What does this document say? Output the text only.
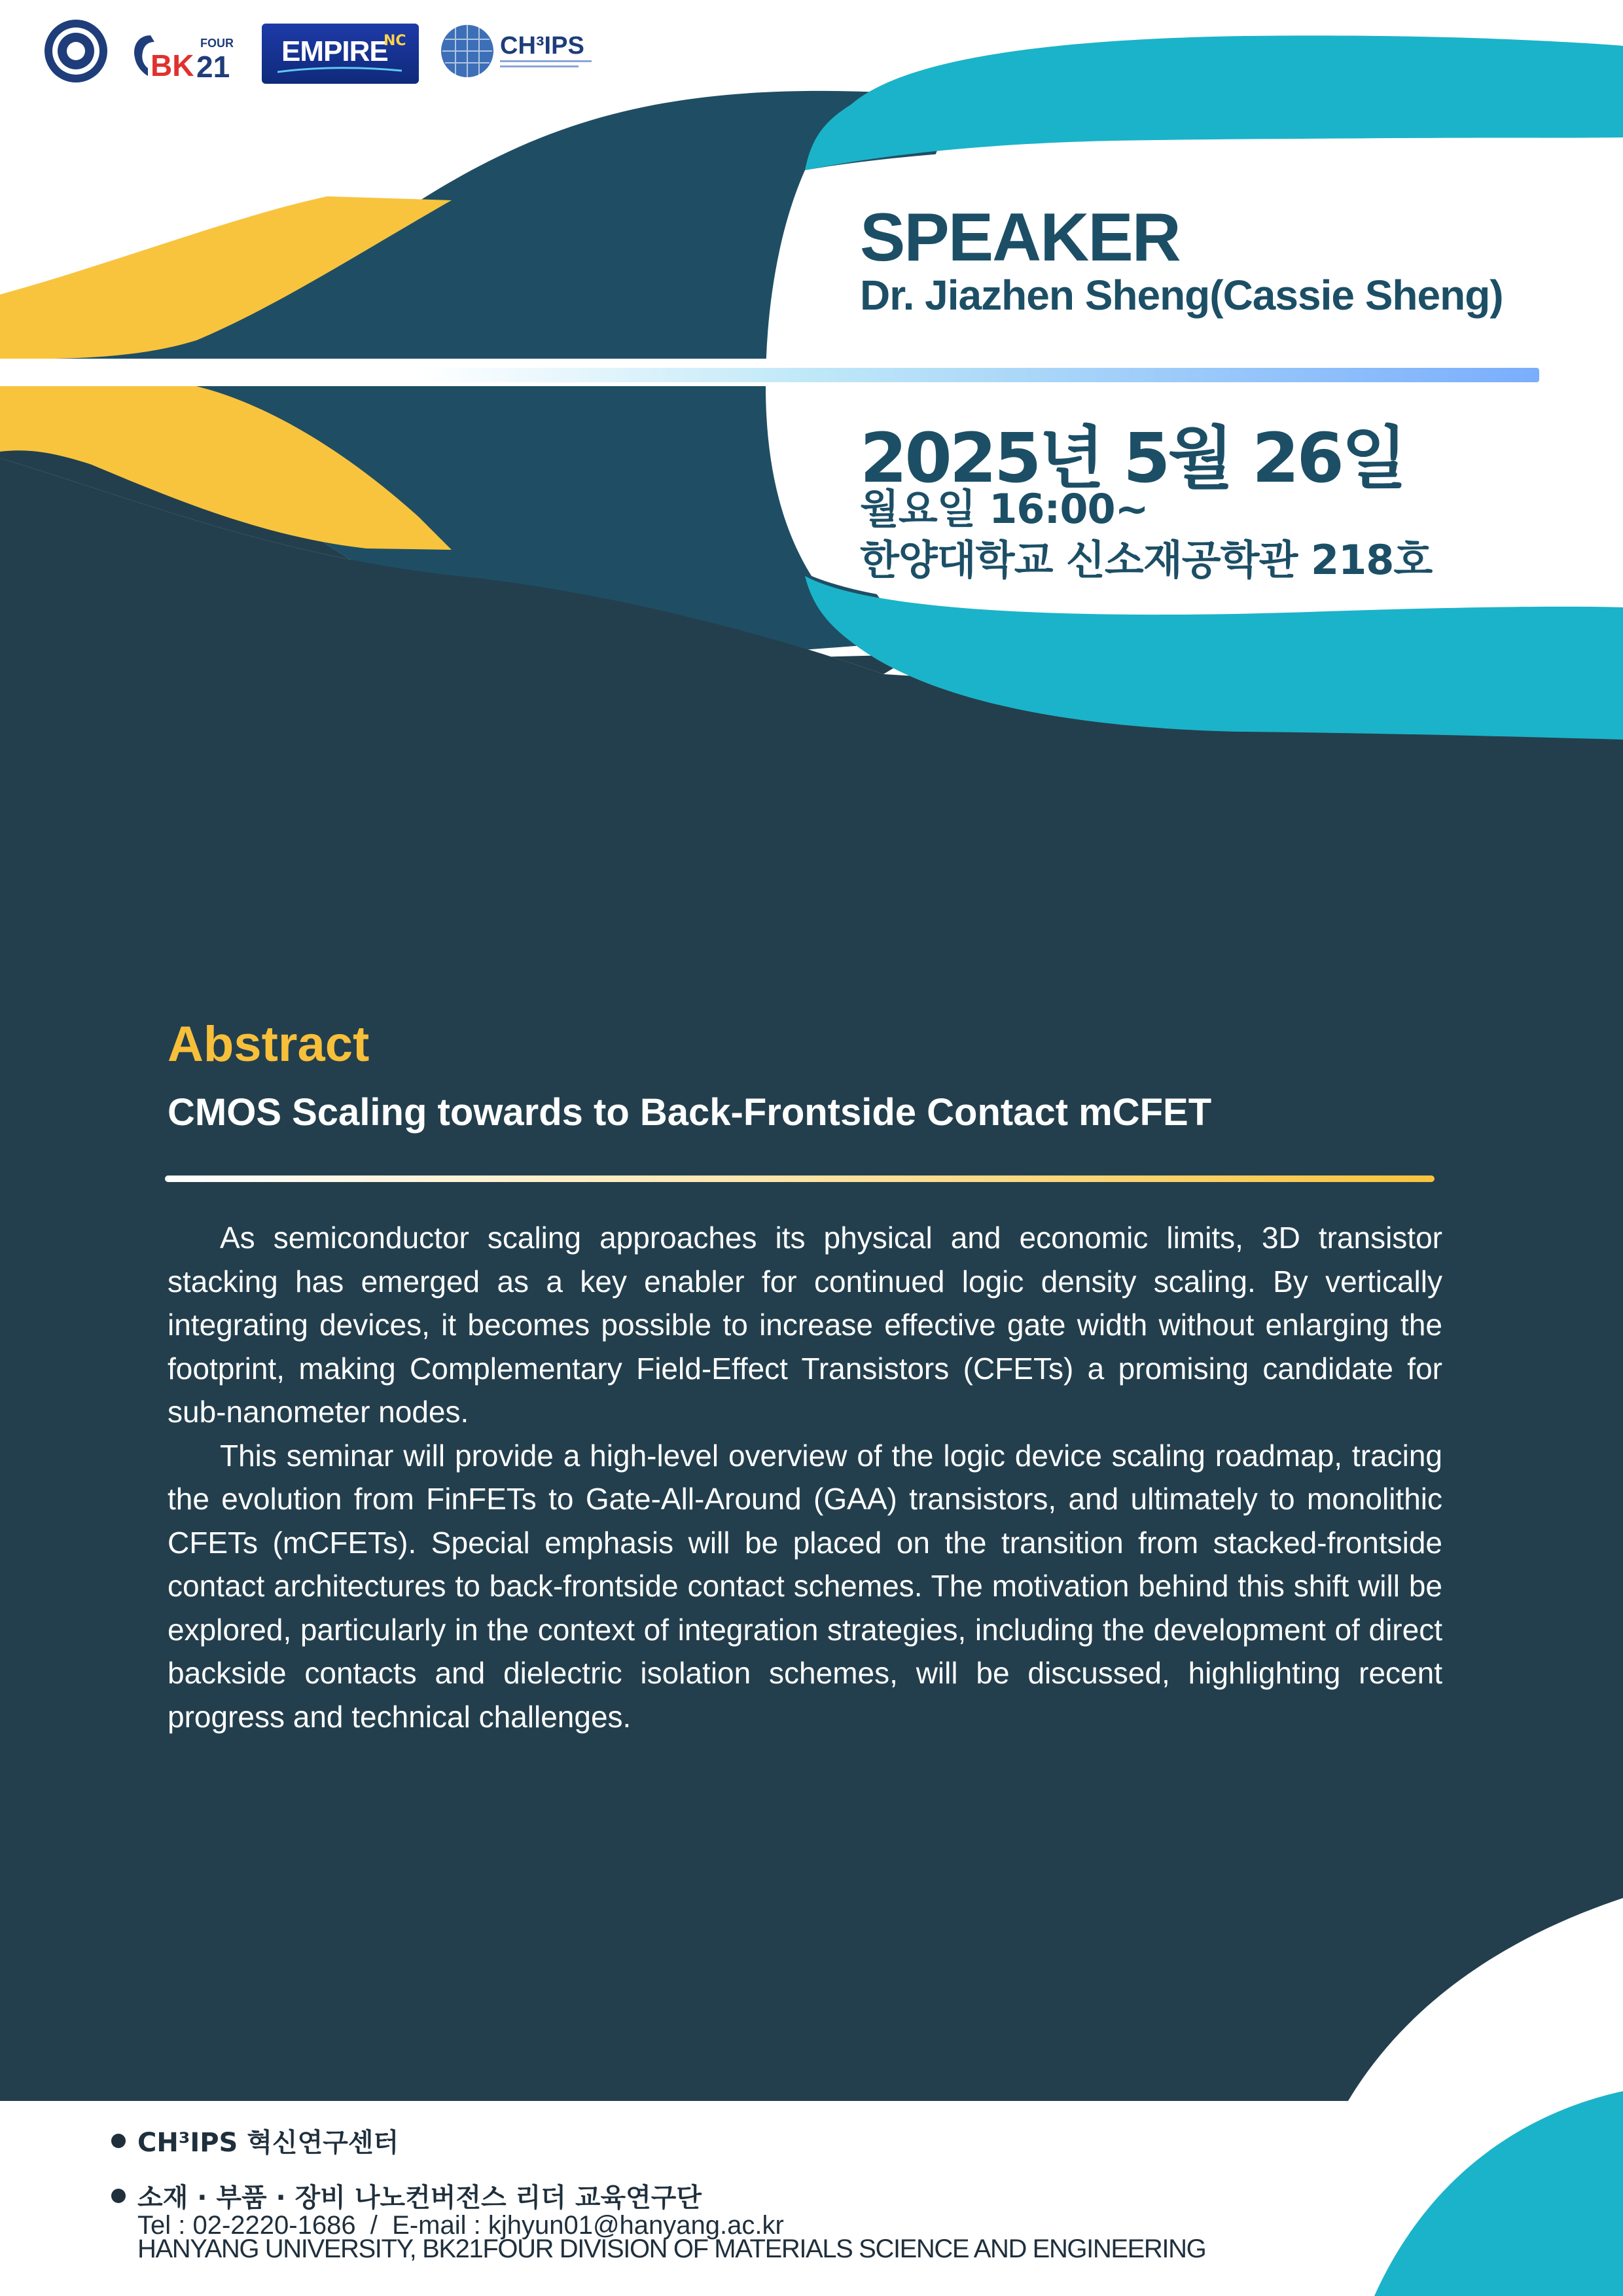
BK
FOUR
21 EMPIRE
NC	CH³IPS
SPEAKER
Dr. Jiazhen Sheng(Cassie Sheng)
2025년 5월 26일
월요일 16:00~
한양대학교 신소재공학관 218호
Abstract
CMOS Scaling towards to Back-Frontside Contact mCFET

As semiconductor scaling approaches its physical and economic limits, 3D transistor stacking has emerged as a key enabler for continued logic density scaling. By vertically integrating devices, it becomes possible to increase effective gate width without enlarging the footprint, making Complementary Field-Effect Transistors (CFETs) a promising candidate for sub-nanometer nodes.

This seminar will provide a high-level overview of the logic device scaling roadmap, tracing the evolution from FinFETs to Gate-All-Around (GAA) transistors, and ultimately to monolithic CFETs (mCFETs). Special emphasis will be placed on the transition from stacked-frontside contact architectures to back-frontside contact schemes. The motivation behind this shift will be explored, particularly in the context of integration strategies, including the development of direct backside contacts and dielectric isolation schemes, will be discussed, highlighting recent progress and technical challenges.

CH³IPS 혁신연구센터
소재 · 부품 · 장비 나노컨버전스 리더 교육연구단
Tel : 02-2220-1686  /  E-mail : kjhyun01@hanyang.ac.kr
HANYANG UNIVERSITY, BK21FOUR DIVISION OF MATERIALS SCIENCE AND ENGINEERING
